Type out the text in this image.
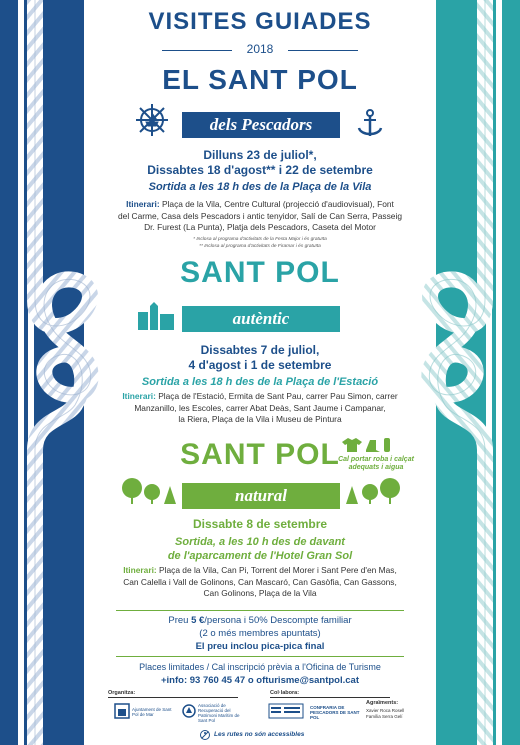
VISITES GUIADES
2018
EL SANT POL
dels Pescadors
Dilluns 23 de juliol*,
Dissabtes 18 d'agost** i 22 de setembre
Sortida a les 18 h des de la Plaça de la Vila
Itinerari: Plaça de la Vila, Centre Cultural (projecció d'audiovisual), Font
del Carme, Casa dels Pescadors i antic tenyidor, Salí de Can Serra, Passeig
Dr. Furest (La Punta), Platja dels Pescadors, Caseta del Motor
* Inclosa al programa d'activitats de la Festa Major i és gratuïta
** Inclosa al programa d'activitats de Firamar i és gratuïta
SANT POL
autèntic
Dissabtes 7 de juliol,
4 d'agost i 1 de setembre
Sortida a les 18 h des de la Plaça de l'Estació
Itinerari: Plaça de l'Estació, Ermita de Sant Pau, carrer Pau Simon, carrer
Manzanillo, les Escoles, carrer Abat Deàs, Sant Jaume i Campanar,
la Riera, Plaça de la Vila i Museu de Pintura
SANT POL
Cal portar roba i calçat
adequats i aigua
natural
Dissabte 8 de setembre
Sortida, a les 10 h des de davant
de l'aparcament de l'Hotel Gran Sol
Itinerari: Plaça de la Vila, Can Pi, Torrent del Morer i Sant Pere d'en Mas,
Can Calella i Vall de Golinons, Can Mascaró, Can Gasòfia, Can Gassons,
Can Golinons, Plaça de la Vila
Preu 5 €/persona i 50% Descompte familiar
(2 o més membres apuntats)
El preu inclou pica-pica final
Places limitades / Cal inscripció prèvia a l'Oficina de Turisme
+info: 93 760 45 47 o ofturisme@santpol.cat
Organitza:	Col·labora:
Ajuntament de Sant Pol de Mar
Associació de Recuperació del Patrimoni Marítim de Sant Pol
CONFRARIA DE PESCADORS DE SANT POL
Agraïments:
Xavier Roca Rosell
Família Serra Gelí
Les rutes no són accessibles
